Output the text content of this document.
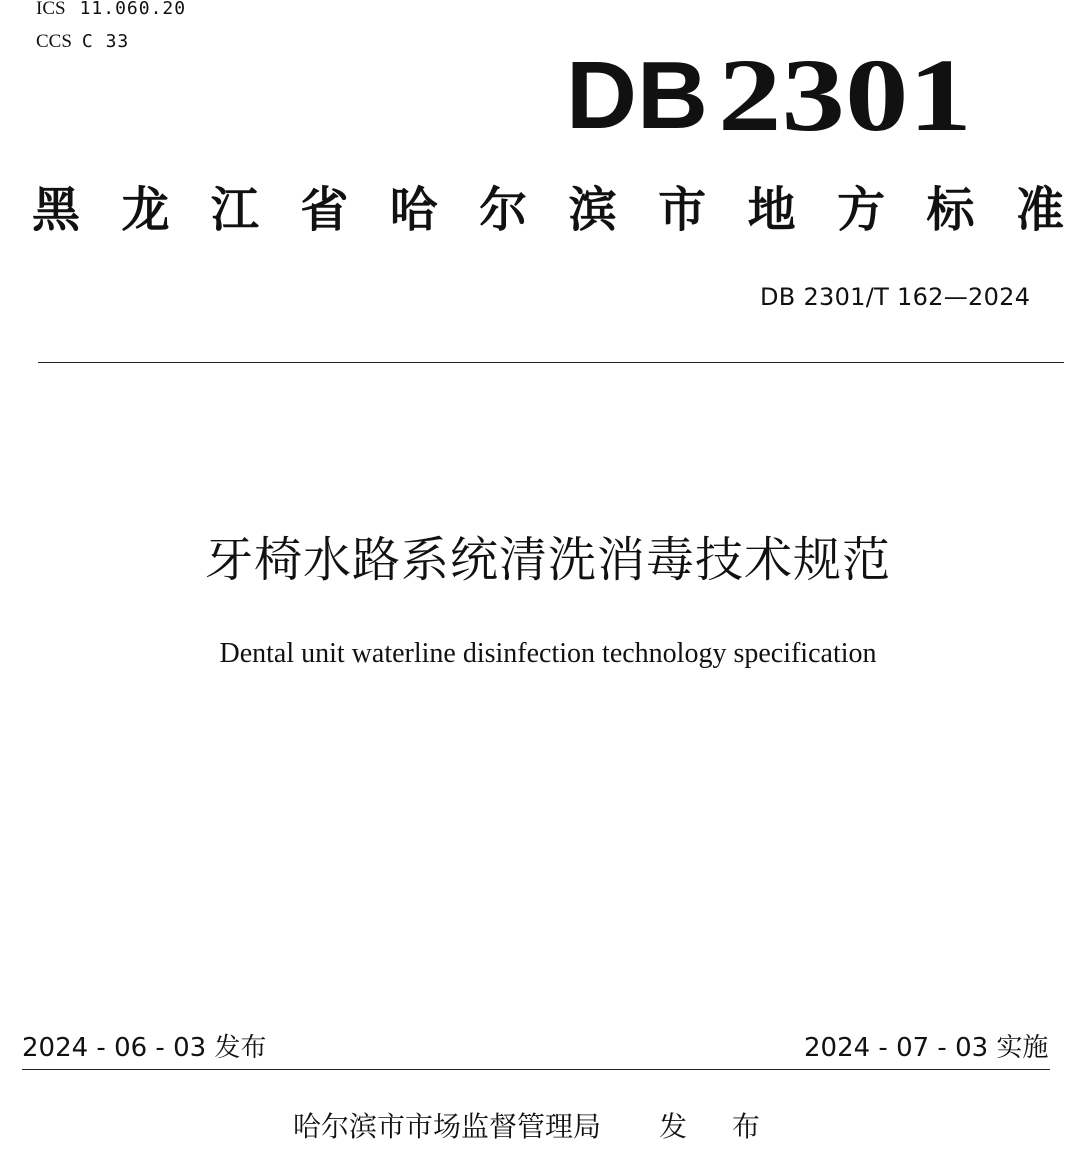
ICS 11.060.20
CCS C 33
DB 2301
黑 龙 江 省 哈 尔 滨 市 地 方 标 准
DB 2301/T 162—2024
牙椅水路系统清洗消毒技术规范
Dental unit waterline disinfection technology specification
2024 - 06 - 03 发布	2024 - 07 - 03 实施
哈尔滨市市场监督管理局 发 布
